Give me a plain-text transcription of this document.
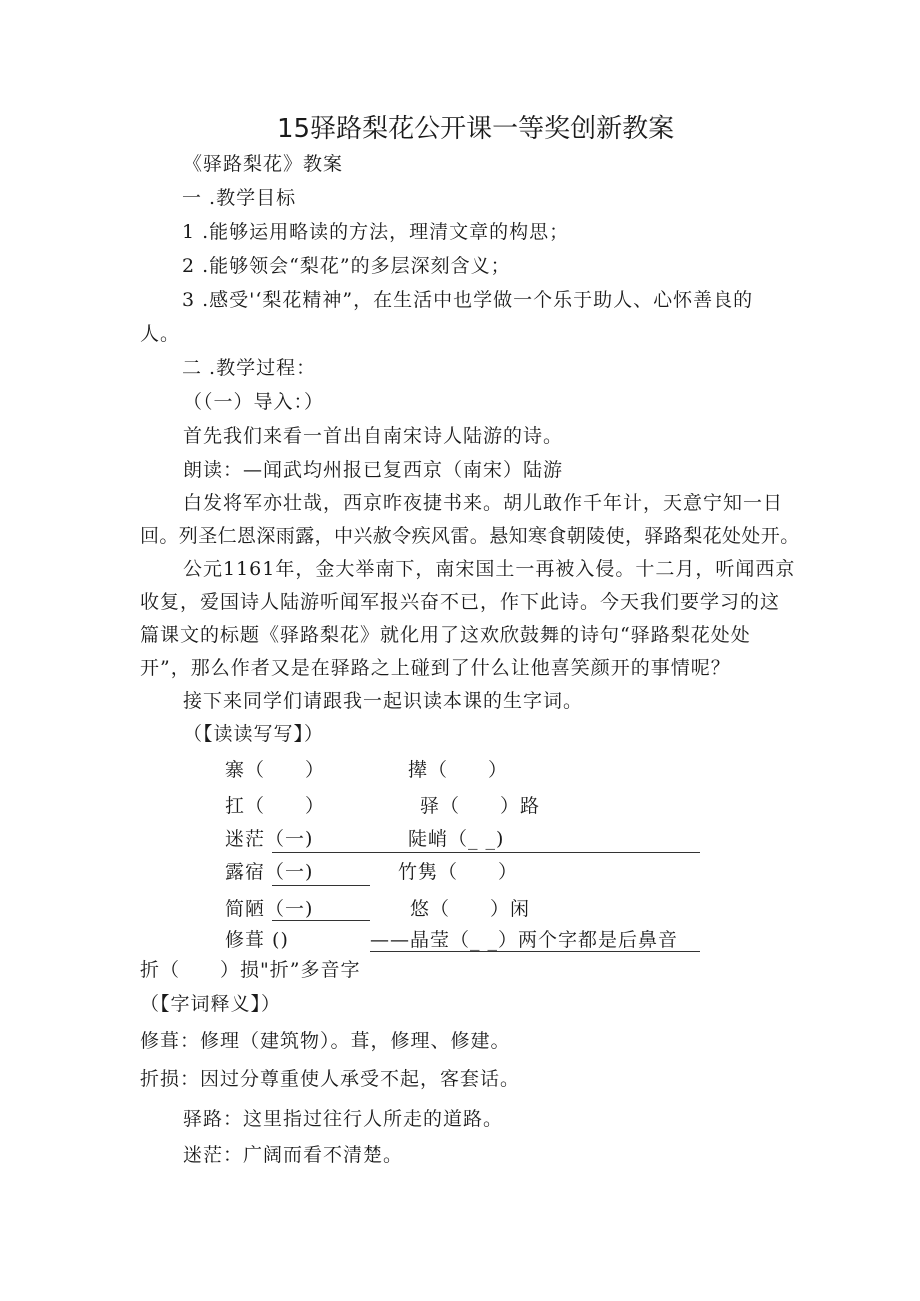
15驿路梨花公开课一等奖创新教案
《驿路梨花》教案
一 .教学目标
1 .能够运用略读的方法，理清文章的构思；
2 .能够领会“梨花”的多层深刻含义；
3 .感受'‘梨花精神”，在生活中也学做一个乐于助人、心怀善良的
人。
二 .教学过程：
（（一）导入：）
首先我们来看一首出自南宋诗人陆游的诗。
朗读：—闻武均州报已复西京（南宋）陆游
白发将军亦壮哉，西京昨夜捷书来。胡儿敢作千年计，天意宁知一日
回。列圣仁恩深雨露，中兴赦令疾风雷。悬知寒食朝陵使，驿路梨花处处开。
公元1161年，金大举南下，南宋国土一再被入侵。十二月，听闻西京
收复，爱国诗人陆游听闻军报兴奋不已，作下此诗。今天我们要学习的这
篇课文的标题《驿路梨花》就化用了这欢欣鼓舞的诗句“驿路梨花处处
开”，那么作者又是在驿路之上碰到了什么让他喜笑颜开的事情呢？
接下来同学们请跟我一起识读本课的生字词。
（【读读写写】）
寨（　　）	撵（　　）
扛（　　）	驿（　　）路
迷茫（一)	陡峭（_ _)
露宿（一)	竹隽（　　）
简陋（一)	悠（　　）闲
修葺 ()	——晶莹（_ _）两个字都是后鼻音
折（　　）损"折”多音字
（【字词释义】）
修葺：修理（建筑物）。葺，修理、修建。
折损：因过分尊重使人承受不起，客套话。
驿路：这里指过往行人所走的道路。
迷茫：广阔而看不清楚。
